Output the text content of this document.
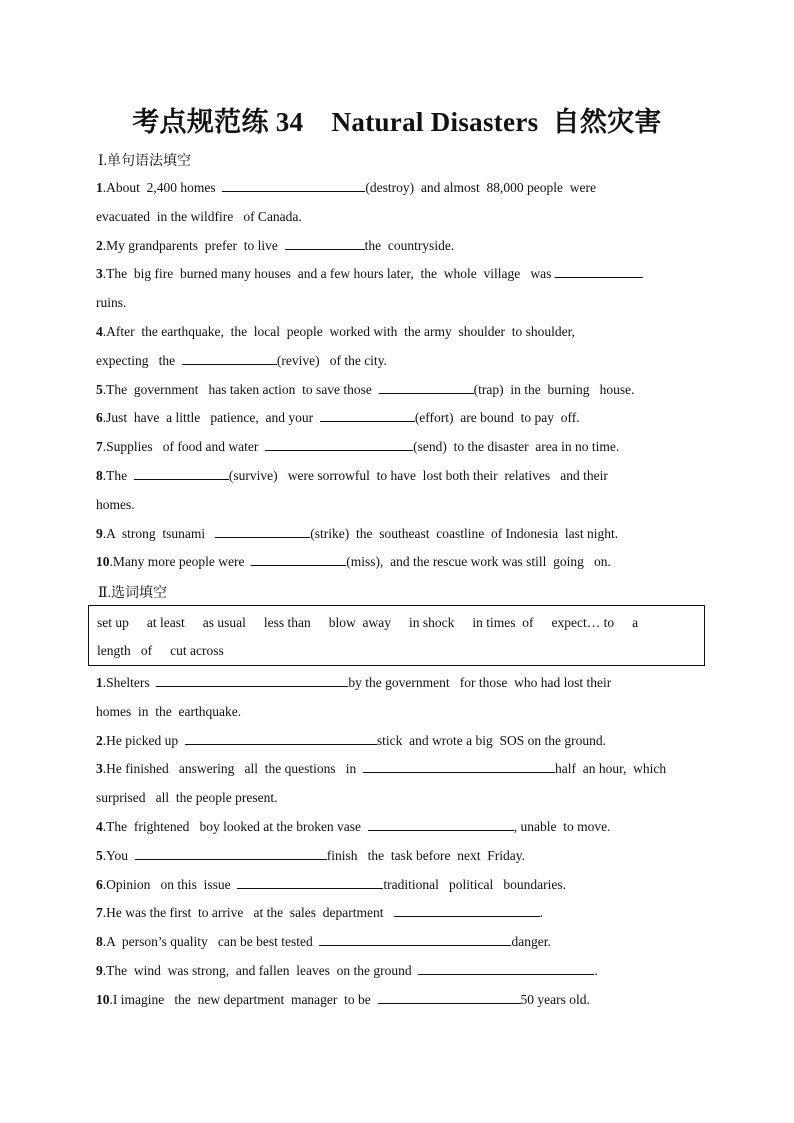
考点规范练 34    Natural Disasters  自然灾害
Ⅰ.单句语法填空
1.About  2,400 homes	(destroy)  and almost  88,000 people  were
evacuated  in the wildfire   of Canada.
2.My grandparents  prefer  to live	the  countryside.
3.The  big fire  burned many houses  and a few hours later,  the  whole  village   was
ruins.
4.After  the earthquake,  the  local  people  worked with  the army  shoulder  to shoulder,
expecting   the	(revive)   of the city.
5.The  government   has taken action  to save those	(trap)  in the  burning   house.
6.Just  have  a little   patience,  and your	(effort)  are bound  to pay  off.
7.Supplies   of food and water	(send)  to the disaster  area in no time.
8.The	(survive)   were sorrowful  to have  lost both their  relatives   and their
homes.
9.A  strong  tsunami	(strike)  the  southeast  coastline  of Indonesia  last night.
10.Many more people were	(miss),  and the rescue work was still  going   on.
Ⅱ.选词填空
set up at least as usual less than blow  away in shock in times  of expect… to a
length   of cut across
1.Shelters	by the government   for those  who had lost their
homes  in  the  earthquake.
2.He picked up	stick  and wrote a big  SOS on the ground.
3.He finished   answering   all  the questions   in	half  an hour,  which
surprised   all  the people present.
4.The  frightened   boy looked at the broken vase	, unable  to move.
5.You	finish   the  task before  next  Friday.
6.Opinion   on this  issue	traditional   political   boundaries.
7.He was the first  to arrive   at the  sales  department	.
8.A  person’s quality   can be best tested	danger.
9.The  wind  was strong,  and fallen  leaves  on the ground	.
10.I imagine   the  new department  manager  to be	50 years old.
